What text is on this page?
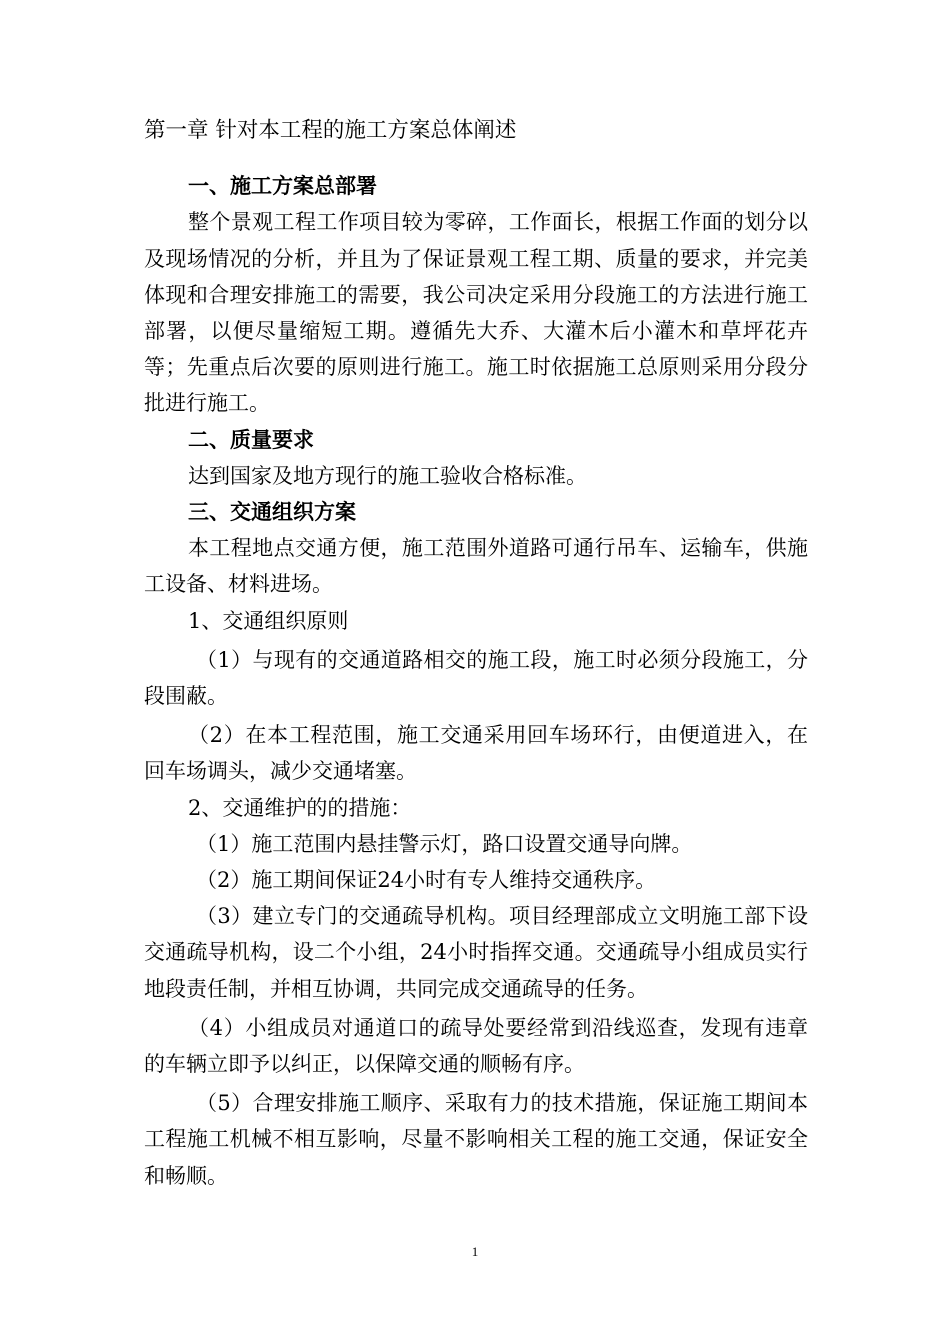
第一章 针对本工程的施工方案总体阐述

一、施工方案总部署

整个景观工程工作项目较为零碎，工作面长，根据工作面的划分以及现场情况的分析，并且为了保证景观工程工期、质量的要求，并完美体现和合理安排施工的需要，我公司决定采用分段施工的方法进行施工部署，以便尽量缩短工期。遵循先大乔、大灌木后小灌木和草坪花卉等；先重点后次要的原则进行施工。施工时依据施工总原则采用分段分批进行施工。

二、质量要求

达到国家及地方现行的施工验收合格标准。

三、交通组织方案

本工程地点交通方便，施工范围外道路可通行吊车、运输车，供施工设备、材料进场。

1、交通组织原则

（1）与现有的交通道路相交的施工段，施工时必须分段施工，分段围蔽。

（2）在本工程范围，施工交通采用回车场环行，由便道进入，在回车场调头，减少交通堵塞。

2、交通维护的的措施：

（1）施工范围内悬挂警示灯，路口设置交通导向牌。

（2）施工期间保证24小时有专人维持交通秩序。

（3）建立专门的交通疏导机构。项目经理部成立文明施工部下设交通疏导机构，设二个小组，24小时指挥交通。交通疏导小组成员实行地段责任制，并相互协调，共同完成交通疏导的任务。

（4）小组成员对通道口的疏导处要经常到沿线巡查，发现有违章的车辆立即予以纠正，以保障交通的顺畅有序。

（5）合理安排施工顺序、采取有力的技术措施，保证施工期间本工程施工机械不相互影响，尽量不影响相关工程的施工交通，保证安全和畅顺。

1
